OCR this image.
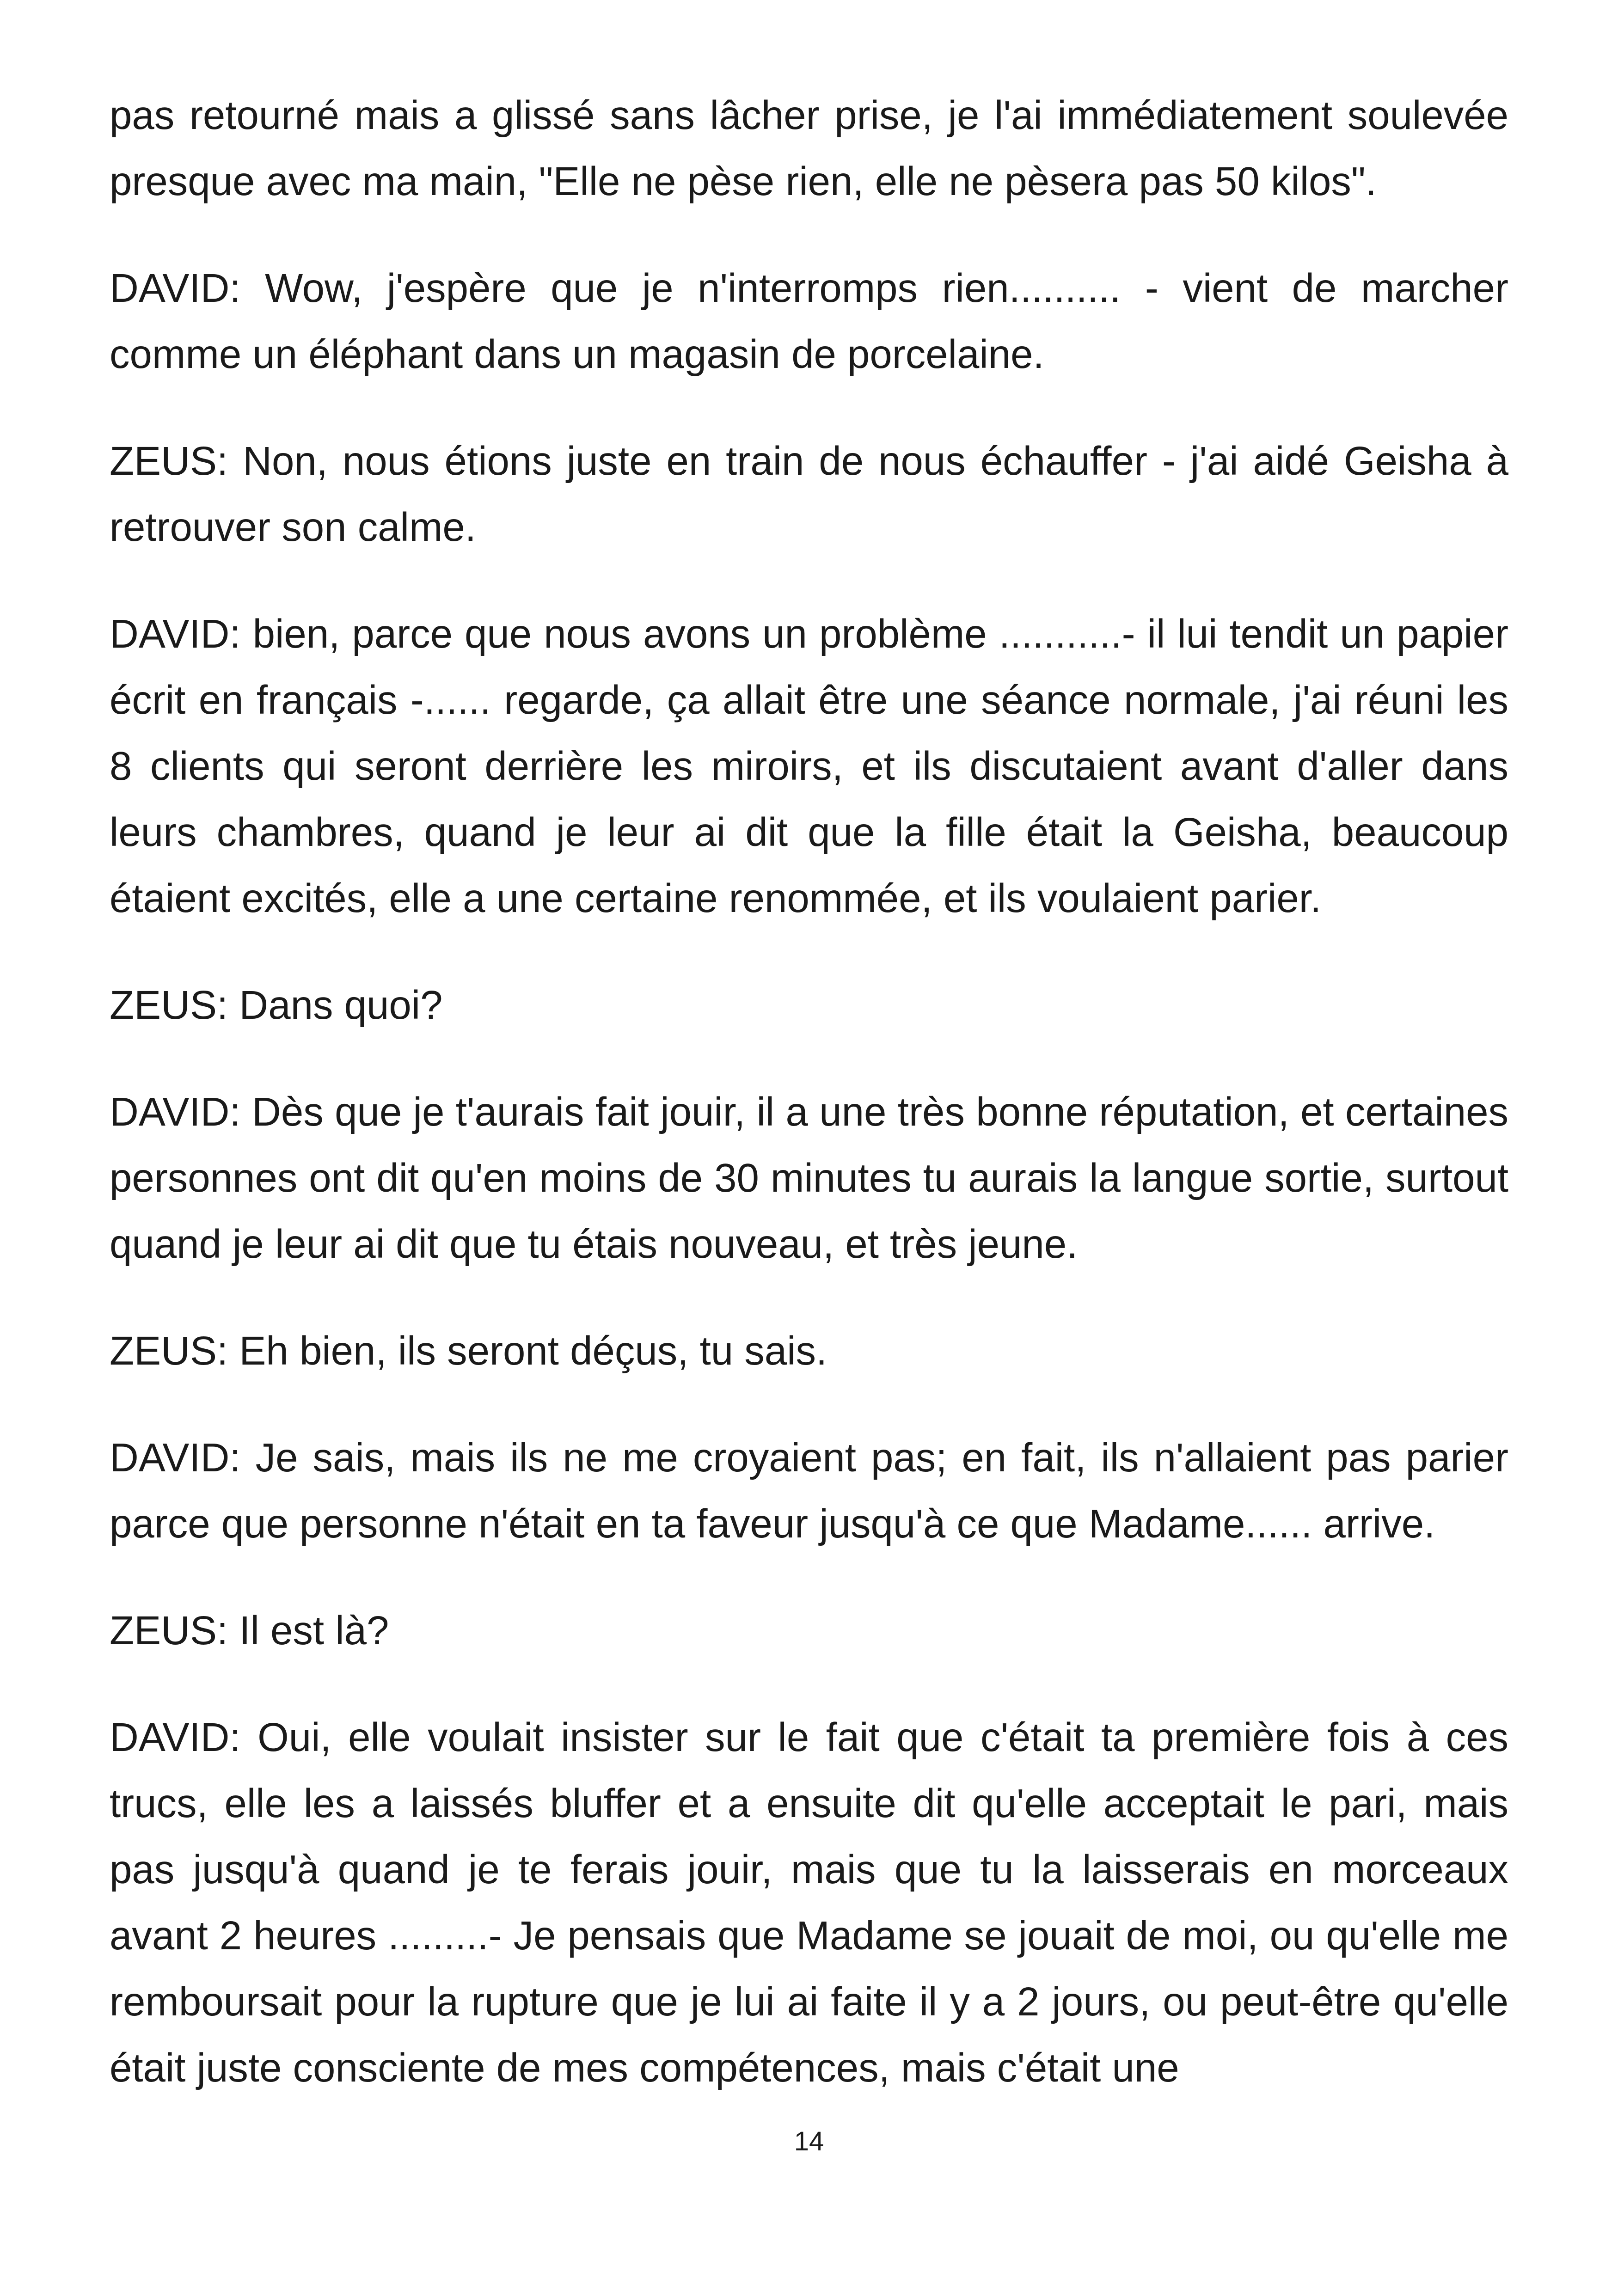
pas retourné mais a glissé sans lâcher prise, je l'ai immédiatement soulevée presque avec ma main, "Elle ne pèse rien, elle ne pèsera pas 50 kilos".

DAVID: Wow, j'espère que je n'interromps rien.......... - vient de marcher comme un éléphant dans un magasin de porcelaine.

ZEUS: Non, nous étions juste en train de nous échauffer - j'ai aidé Geisha à retrouver son calme.

DAVID: bien, parce que nous avons un problème ...........- il lui tendit un papier écrit en français -...... regarde, ça allait être une séance normale, j'ai réuni les 8 clients qui seront derrière les miroirs, et ils discutaient avant d'aller dans leurs chambres, quand je leur ai dit que la fille était la Geisha, beaucoup étaient excités, elle a une certaine renommée, et ils voulaient parier.

ZEUS: Dans quoi?

DAVID: Dès que je t'aurais fait jouir, il a une très bonne réputation, et certaines personnes ont dit qu'en moins de 30 minutes tu aurais la langue sortie, surtout quand je leur ai dit que tu étais nouveau, et très jeune.

ZEUS: Eh bien, ils seront déçus, tu sais.

DAVID: Je sais, mais ils ne me croyaient pas; en fait, ils n'allaient pas parier parce que personne n'était en ta faveur jusqu'à ce que Madame...... arrive.

ZEUS: Il est là?

DAVID: Oui, elle voulait insister sur le fait que c'était ta première fois à ces trucs, elle les a laissés bluffer et a ensuite dit qu'elle acceptait le pari, mais pas jusqu'à quand je te ferais jouir, mais que tu la laisserais en morceaux avant 2 heures .........- Je pensais que Madame se jouait de moi, ou qu'elle me remboursait pour la rupture que je lui ai faite il y a 2 jours, ou peut-être qu'elle était juste consciente de mes compétences, mais c'était une

14
